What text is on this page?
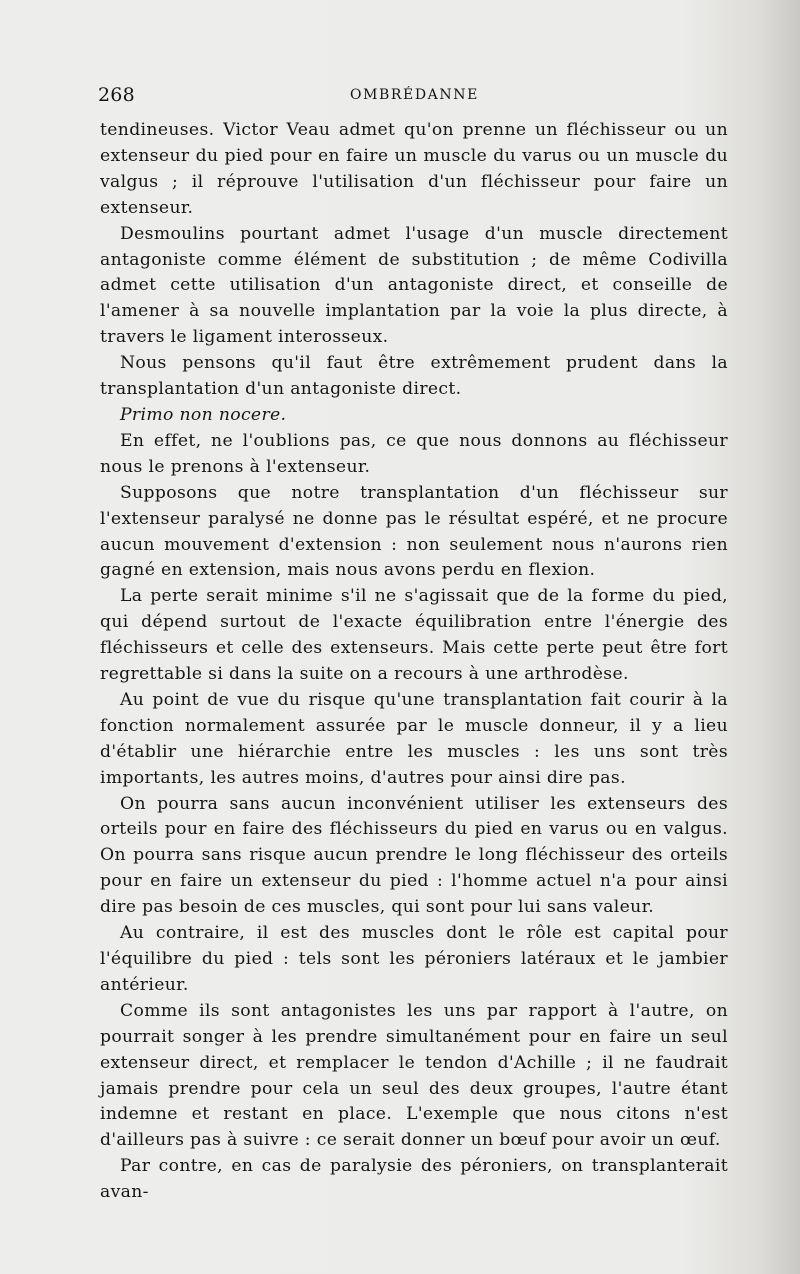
268	OMBRÉDANNE

tendineuses. Victor Veau admet qu'on prenne un fléchisseur ou un extenseur du pied pour en faire un muscle du varus ou un muscle du valgus ; il réprouve l'utilisation d'un fléchisseur pour faire un extenseur.

Desmoulins pourtant admet l'usage d'un muscle directement antagoniste comme élément de substitution ; de même Codivilla admet cette utilisation d'un antagoniste direct, et conseille de l'amener à sa nouvelle implantation par la voie la plus directe, à travers le ligament interosseux.

Nous pensons qu'il faut être extrêmement prudent dans la transplantation d'un antagoniste direct.

Primo non nocere.

En effet, ne l'oublions pas, ce que nous donnons au fléchisseur nous le prenons à l'extenseur.

Supposons que notre transplantation d'un fléchisseur sur l'extenseur paralysé ne donne pas le résultat espéré, et ne procure aucun mouvement d'extension : non seulement nous n'aurons rien gagné en extension, mais nous avons perdu en flexion.

La perte serait minime s'il ne s'agissait que de la forme du pied, qui dépend surtout de l'exacte équilibration entre l'énergie des fléchisseurs et celle des extenseurs. Mais cette perte peut être fort regrettable si dans la suite on a recours à une arthrodèse.

Au point de vue du risque qu'une transplantation fait courir à la fonction normalement assurée par le muscle donneur, il y a lieu d'établir une hiérarchie entre les muscles : les uns sont très importants, les autres moins, d'autres pour ainsi dire pas.

On pourra sans aucun inconvénient utiliser les extenseurs des orteils pour en faire des fléchisseurs du pied en varus ou en valgus. On pourra sans risque aucun prendre le long fléchisseur des orteils pour en faire un extenseur du pied : l'homme actuel n'a pour ainsi dire pas besoin de ces muscles, qui sont pour lui sans valeur.

Au contraire, il est des muscles dont le rôle est capital pour l'équilibre du pied : tels sont les péroniers latéraux et le jambier antérieur.

Comme ils sont antagonistes les uns par rapport à l'autre, on pourrait songer à les prendre simultanément pour en faire un seul extenseur direct, et remplacer le tendon d'Achille ; il ne faudrait jamais prendre pour cela un seul des deux groupes, l'autre étant indemne et restant en place. L'exemple que nous citons n'est d'ailleurs pas à suivre : ce serait donner un bœuf pour avoir un œuf.

Par contre, en cas de paralysie des péroniers, on transplanterait avan-
